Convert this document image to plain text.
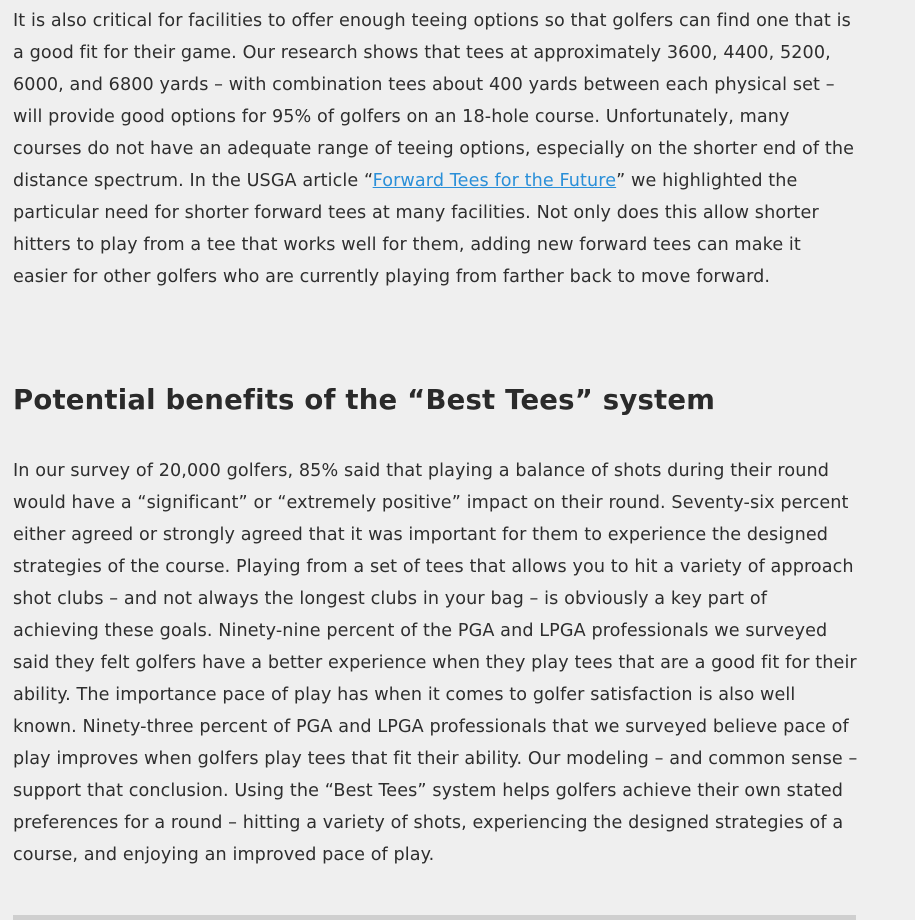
It is also critical for facilities to offer enough teeing options so that golfers can find one that is a good fit for their game. Our research shows that tees at approximately 3600, 4400, 5200, 6000, and 6800 yards – with combination tees about 400 yards between each physical set – will provide good options for 95% of golfers on an 18-hole course. Unfortunately, many courses do not have an adequate range of teeing options, especially on the shorter end of the distance spectrum. In the USGA article “Forward Tees for the Future” we highlighted the particular need for shorter forward tees at many facilities. Not only does this allow shorter hitters to play from a tee that works well for them, adding new forward tees can make it easier for other golfers who are currently playing from farther back to move forward.

Potential benefits of the “Best Tees” system

In our survey of 20,000 golfers, 85% said that playing a balance of shots during their round would have a “significant” or “extremely positive” impact on their round. Seventy-six percent either agreed or strongly agreed that it was important for them to experience the designed strategies of the course. Playing from a set of tees that allows you to hit a variety of approach shot clubs – and not always the longest clubs in your bag – is obviously a key part of achieving these goals. Ninety-nine percent of the PGA and LPGA professionals we surveyed said they felt golfers have a better experience when they play tees that are a good fit for their ability. The importance pace of play has when it comes to golfer satisfaction is also well known. Ninety-three percent of PGA and LPGA professionals that we surveyed believe pace of play improves when golfers play tees that fit their ability. Our modeling – and common sense – support that conclusion. Using the “Best Tees” system helps golfers achieve their own stated preferences for a round – hitting a variety of shots, experiencing the designed strategies of a course, and enjoying an improved pace of play.
